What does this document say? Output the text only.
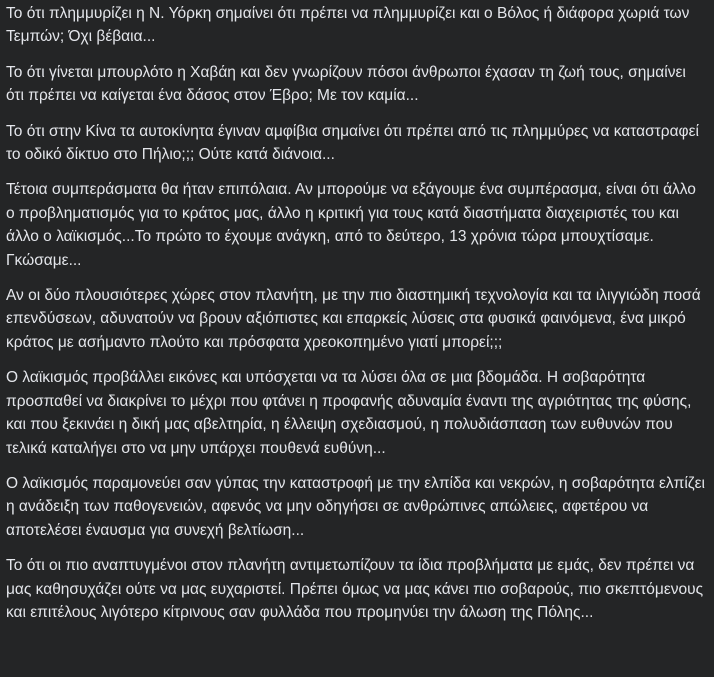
Το ότι πλημμυρίζει η Ν. Υόρκη σημαίνει ότι πρέπει να πλημμυρίζει και ο Βόλος ή διάφορα χωριά των Τεμπών; Όχι βέβαια...
Το ότι γίνεται μπουρλότο η Χαβάη και δεν γνωρίζουν πόσοι άνθρωποι έχασαν τη ζωή τους, σημαίνει ότι πρέπει να καίγεται ένα δάσος στον Έβρο; Με τον καμία...
Το ότι στην Κίνα τα αυτοκίνητα έγιναν αμφίβια σημαίνει ότι πρέπει από τις πλημμύρες να καταστραφεί το οδικό δίκτυο στο Πήλιο;;; Ούτε κατά διάνοια...
Τέτοια συμπεράσματα θα ήταν επιπόλαια. Αν μπορούμε να εξάγουμε ένα συμπέρασμα, είναι ότι άλλο ο προβληματισμός για το κράτος μας, άλλο η κριτική για τους κατά διαστήματα διαχειριστές του και άλλο ο λαϊκισμός...Το πρώτο το έχουμε ανάγκη, από το δεύτερο, 13 χρόνια τώρα μπουχτίσαμε. Γκώσαμε...
Αν οι δύο πλουσιότερες χώρες στον πλανήτη, με την πιο διαστημική τεχνολογία και τα ιλιγγιώδη ποσά επενδύσεων, αδυνατούν να βρουν αξιόπιστες και επαρκείς λύσεις στα φυσικά φαινόμενα, ένα μικρό κράτος με ασήμαντο πλούτο και πρόσφατα χρεοκοπημένο γιατί μπορεί;;;
Ο λαϊκισμός προβάλλει εικόνες και υπόσχεται να τα λύσει όλα σε μια βδομάδα. Η σοβαρότητα προσπαθεί να διακρίνει το μέχρι που φτάνει η προφανής αδυναμία έναντι της αγριότητας της φύσης, και που ξεκινάει η δική μας αβελτηρία, η έλλειψη σχεδιασμού, η πολυδιάσπαση των ευθυνών που τελικά καταλήγει στο να μην υπάρχει πουθενά ευθύνη...
Ο λαϊκισμός παραμονεύει σαν γύπας την καταστροφή με την ελπίδα και νεκρών, η σοβαρότητα ελπίζει η ανάδειξη των παθογενειών, αφενός να μην οδηγήσει σε ανθρώπινες απώλειες, αφετέρου να αποτελέσει έναυσμα για συνεχή βελτίωση...
Το ότι οι πιο αναπτυγμένοι στον πλανήτη αντιμετωπίζουν τα ίδια προβλήματα με εμάς, δεν πρέπει να μας καθησυχάζει ούτε να μας ευχαριστεί. Πρέπει όμως να μας κάνει πιο σοβαρούς, πιο σκεπτόμενους και επιτέλους λιγότερο κίτρινους σαν φυλλάδα που προμηνύει την άλωση της Πόλης...
